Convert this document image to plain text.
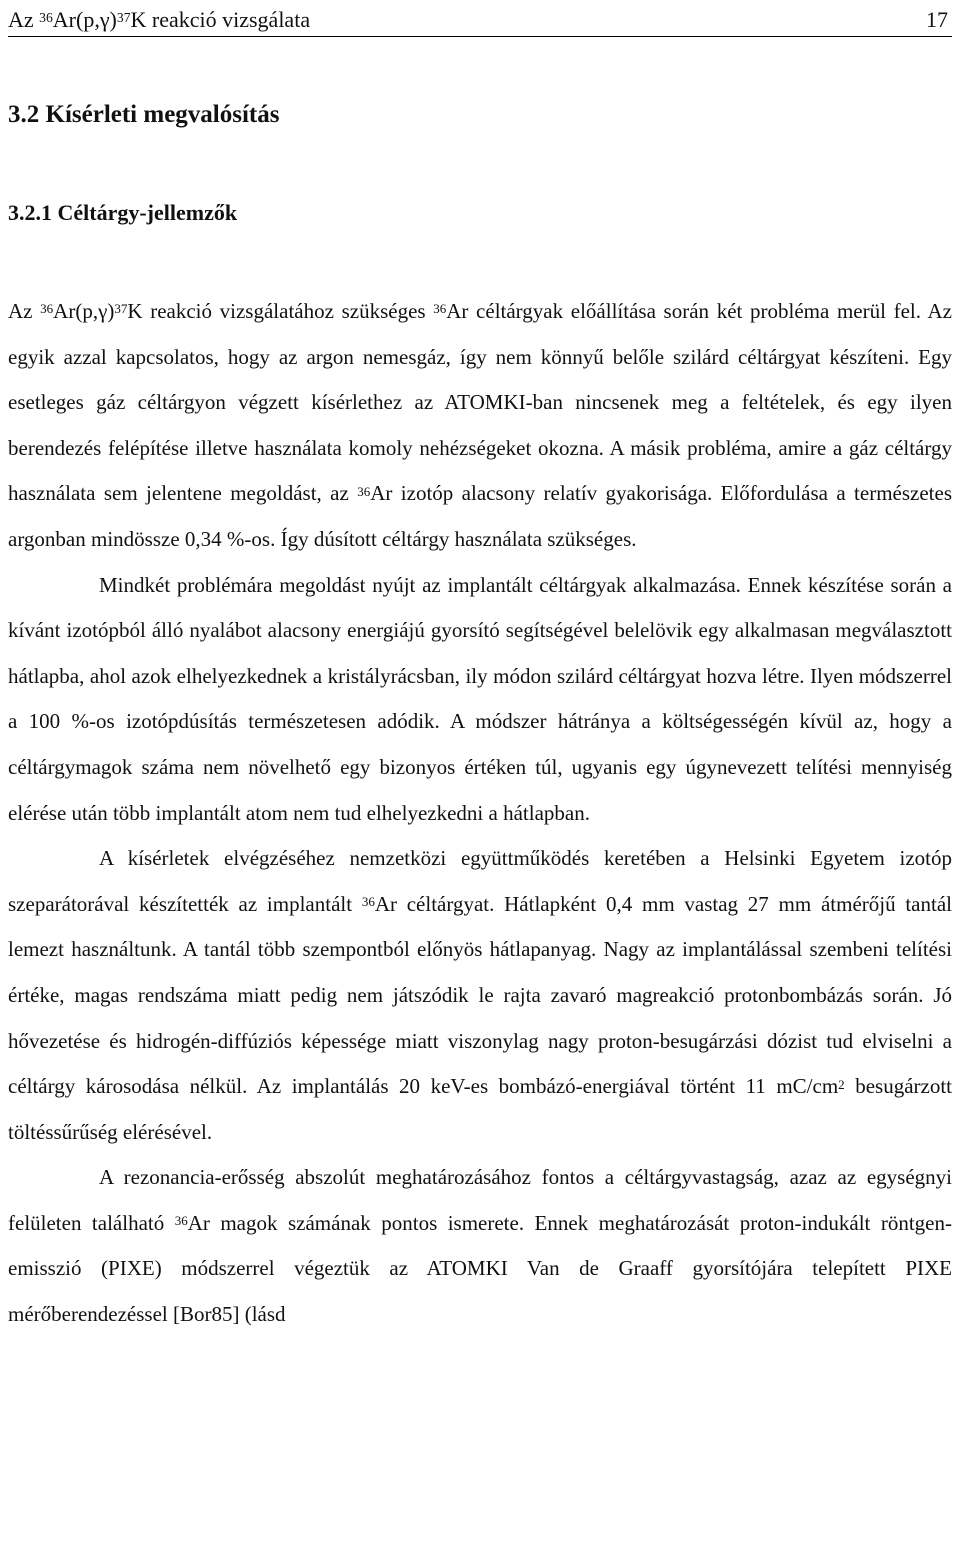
Az $^{36}Ar(p,\gamma)^{37}K$ reakció vizsgálata	17
3.2 Kísérleti megvalósítás
3.2.1 Céltárgy-jellemzők

Az $^{36}Ar(p,\gamma)^{37}K$ reakció vizsgálatához szükséges $^{36}$Ar céltárgyak előállítása során két probléma merül fel. Az egyik azzal kapcsolatos, hogy az argon nemesgáz, így nem könnyű belőle szilárd céltárgyat készíteni. Egy esetleges gáz céltárgyon végzett kísérlethez az ATOMKI-ban nincsenek meg a feltételek, és egy ilyen berendezés felépítése illetve használata komoly nehézségeket okozna. A másik probléma, amire a gáz céltárgy használata sem jelentene megoldást, az $^{36}$Ar izotóp alacsony relatív gyakorisága. Előfordulása a természetes argonban mindössze 0,34 %-os. Így dúsított céltárgy használata szükséges.

Mindkét problémára megoldást nyújt az implantált céltárgyak alkalmazása. Ennek készítése során a kívánt izotópból álló nyalábot alacsony energiájú gyorsító segítségével belelövik egy alkalmasan megválasztott hátlapba, ahol azok elhelyezkednek a kristályrácsban, ily módon szilárd céltárgyat hozva létre. Ilyen módszerrel a 100 %-os izotópdúsítás természetesen adódik. A módszer hátránya a költségességén kívül az, hogy a céltárgymagok száma nem növelhető egy bizonyos értéken túl, ugyanis egy úgynevezett telítési mennyiség elérése után több implantált atom nem tud elhelyezkedni a hátlapban.

A kísérletek elvégzéséhez nemzetközi együttműködés keretében a Helsinki Egyetem izotóp szeparátorával készítették az implantált $^{36}$Ar céltárgyat. Hátlapként 0,4 mm vastag 27 mm átmérőjű tantál lemezt használtunk. A tantál több szempontból előnyös hátlapanyag. Nagy az implantálással szembeni telítési értéke, magas rendszáma miatt pedig nem játszódik le rajta zavaró magreakció protonbombázás során. Jó hővezetése és hidrogén-diffúziós képessége miatt viszonylag nagy proton-besugárzási dózist tud elviselni a céltárgy károsodása nélkül. Az implantálás 20 keV-es bombázó-energiával történt 11 $mC/cm^2$ besugárzott töltéssűrűség elérésével.

A rezonancia-erősség abszolút meghatározásához fontos a céltárgyvastagság, azaz az egységnyi felületen található $^{36}$Ar magok számának pontos ismerete. Ennek meghatározását proton-indukált röntgen-emisszió (PIXE) módszerrel végeztük az ATOMKI Van de Graaff gyorsítójára telepített PIXE mérőberendezéssel [Bor85] (lásd
